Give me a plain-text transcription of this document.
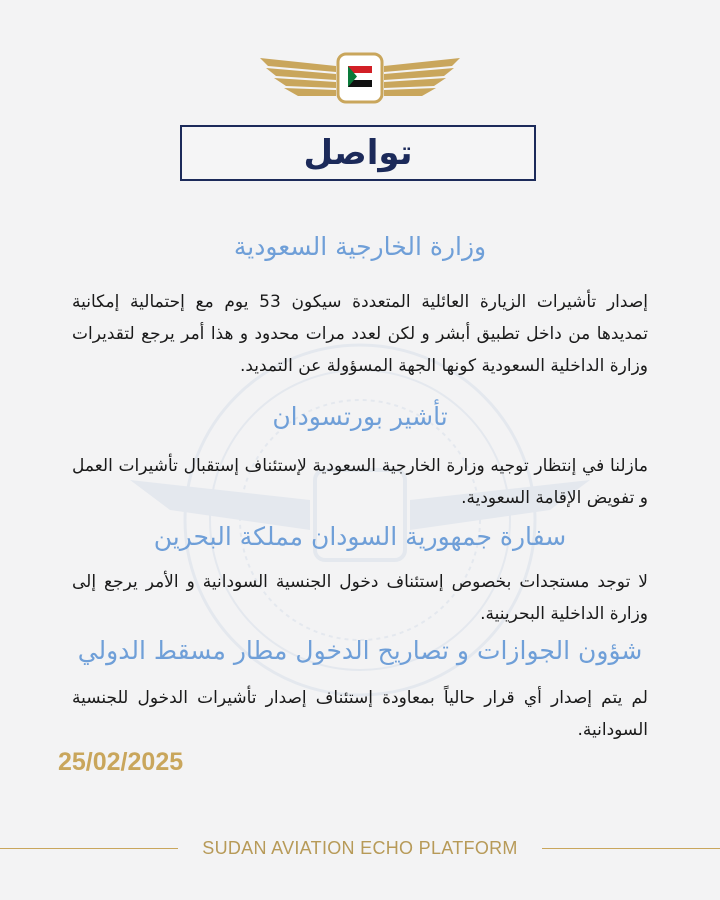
تواصل
وزارة الخارجية السعودية
إصدار تأشيرات الزيارة العائلية المتعددة سيكون 53 يوم مع إحتمالية إمكانية تمديدها من داخل تطبيق أبشر و لكن لعدد مرات محدود و هذا أمر يرجع لتقديرات وزارة الداخلية السعودية كونها الجهة المسؤولة عن التمديد.
تأشير بورتسودان
مازلنا في إنتظار توجيه وزارة الخارجية السعودية لإستئناف إستقبال تأشيرات العمل و تفويض الإقامة السعودية.
سفارة جمهورية السودان مملكة البحرين
لا توجد مستجدات بخصوص إستئناف دخول الجنسية السودانية و الأمر يرجع إلى وزارة الداخلية البحرينية.
شؤون الجوازات و تصاريح الدخول مطار مسقط الدولي
لم يتم إصدار أي قرار حالياً بمعاودة إستئناف إصدار تأشيرات الدخول للجنسية السودانية.
25/02/2025
SUDAN AVIATION ECHO PLATFORM
